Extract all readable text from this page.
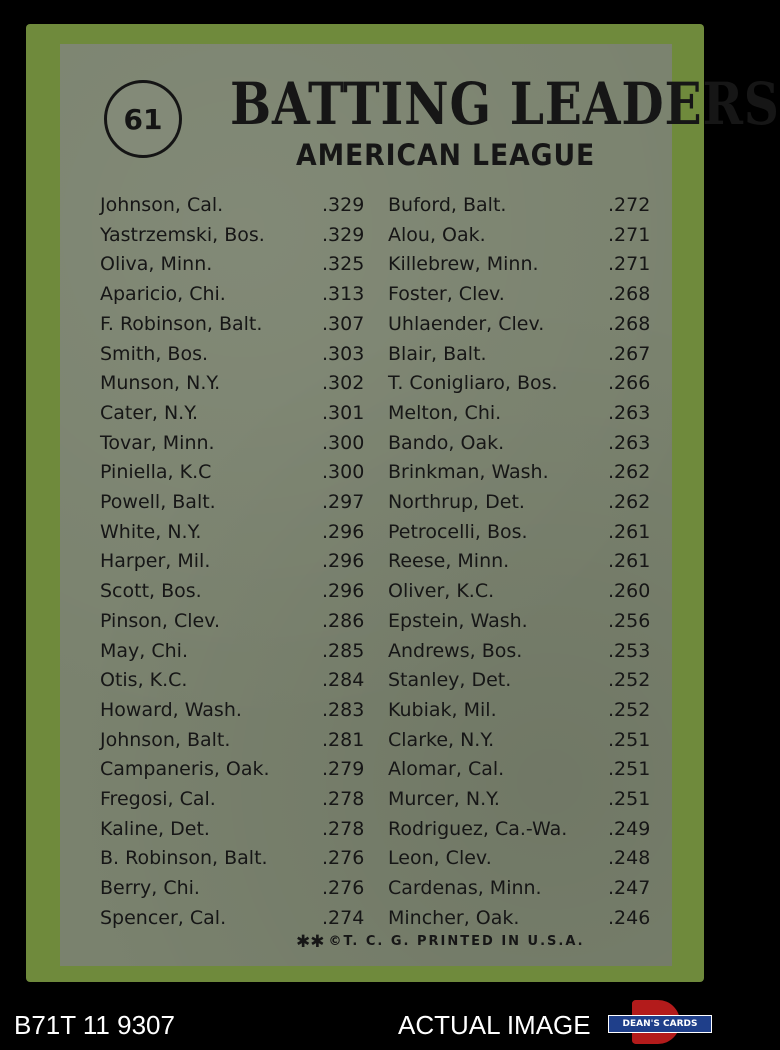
61	BATTING LEADERS
AMERICAN LEAGUE
Johnson, Cal.	.329 Buford, Balt.	.272
Yastrzemski, Bos.	.329 Alou, Oak.	.271
Oliva, Minn.	.325 Killebrew, Minn.	.271
Aparicio, Chi.	.313 Foster, Clev.	.268
F. Robinson, Balt.	.307 Uhlaender, Clev.	.268
Smith, Bos.	.303 Blair, Balt.	.267
Munson, N.Y.	.302 T. Conigliaro, Bos.	.266
Cater, N.Y.	.301 Melton, Chi.	.263
Tovar, Minn.	.300 Bando, Oak.	.263
Piniella, K.C	.300 Brinkman, Wash.	.262
Powell, Balt.	.297 Northrup, Det.	.262
White, N.Y.	.296 Petrocelli, Bos.	.261
Harper, Mil.	.296 Reese, Minn.	.261
Scott, Bos.	.296 Oliver, K.C.	.260
Pinson, Clev.	.286 Epstein, Wash.	.256
May, Chi.	.285 Andrews, Bos.	.253
Otis, K.C.	.284 Stanley, Det.	.252
Howard, Wash.	.283 Kubiak, Mil.	.252
Johnson, Balt.	.281 Clarke, N.Y.	.251
Campaneris, Oak.	.279 Alomar, Cal.	.251
Fregosi, Cal.	.278 Murcer, N.Y.	.251
Kaline, Det.	.278 Rodriguez, Ca.-Wa. .249
B. Robinson, Balt.	.276 Leon, Clev.	.248
Berry, Chi.	.276 Cardenas, Minn.	.247
Spencer, Cal.	.274 Mincher, Oak.	.246
✱✱ ©T. C. G. PRINTED IN U.S.A.
B71T 11 9307	ACTUAL IMAGE	DEAN'S CARDS
